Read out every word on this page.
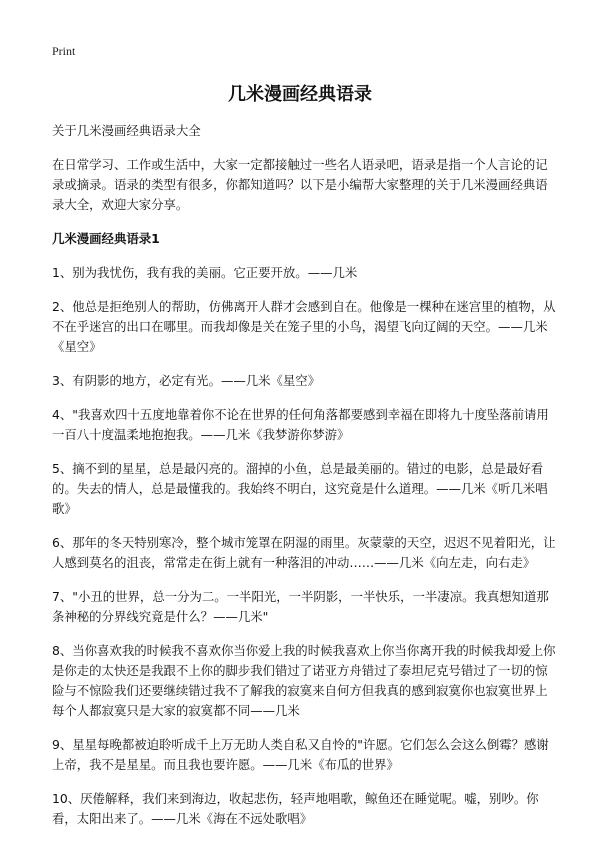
Print
几米漫画经典语录

关于几米漫画经典语录大全

在日常学习、工作或生活中，大家一定都接触过一些名人语录吧，语录是指一个人言论的记录或摘录。语录的类型有很多，你都知道吗？以下是小编帮大家整理的关于几米漫画经典语录大全，欢迎大家分享。

几米漫画经典语录1

1、别为我忧伤，我有我的美丽。它正要开放。——几米

2、他总是拒绝别人的帮助，仿佛离开人群才会感到自在。他像是一棵种在迷宫里的植物，从不在乎迷宫的出口在哪里。而我却像是关在笼子里的小鸟，渴望飞向辽阔的天空。——几米《星空》

3、有阴影的地方，必定有光。——几米《星空》

4、"我喜欢四十五度地靠着你不论在世界的任何角落都要感到幸福在即将九十度坠落前请用一百八十度温柔地抱抱我。——几米《我梦游你梦游》

5、摘不到的星星，总是最闪亮的。溜掉的小鱼，总是最美丽的。错过的电影，总是最好看的。失去的情人，总是最懂我的。我始终不明白，这究竟是什么道理。——几米《听几米唱歌》

6、那年的冬天特别寒冷，整个城市笼罩在阴湿的雨里。灰蒙蒙的天空，迟迟不见着阳光，让人感到莫名的沮丧，常常走在街上就有一种落泪的冲动……——几米《向左走，向右走》

7、"小丑的世界，总一分为二。一半阳光，一半阴影，一半快乐，一半凄凉。我真想知道那条神秘的分界线究竟是什么？——几米"

8、当你喜欢我的时候我不喜欢你当你爱上我的时候我喜欢上你当你离开我的时候我却爱上你是你走的太快还是我跟不上你的脚步我们错过了诺亚方舟错过了泰坦尼克号错过了一切的惊险与不惊险我们还要继续错过我不了解我的寂寞来自何方但我真的感到寂寞你也寂寞世界上每个人都寂寞只是大家的寂寞都不同——几米

9、星星每晚都被迫聆听成千上万无助人类自私又自怜的"许愿。它们怎么会这么倒霉？感谢上帝，我不是星星。而且我也要许愿。——几米《布瓜的世界》

10、厌倦解释，我们来到海边，收起悲伤，轻声地唱歌，鲸鱼还在睡觉呢。嘘，别吵。你看，太阳出来了。——几米《海在不远处歌唱》
